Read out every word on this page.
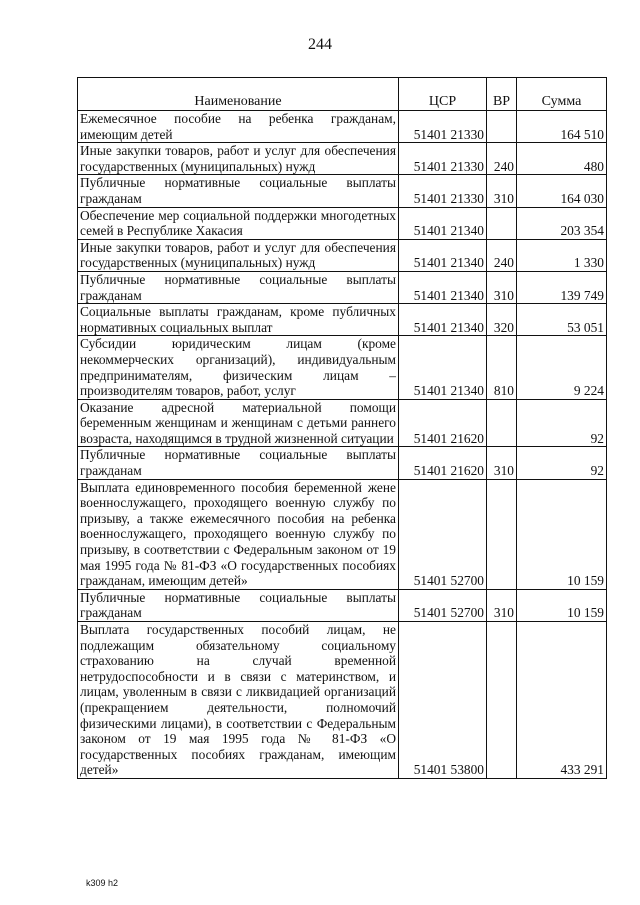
244
Наименование	ЦСР	ВР	Сумма
Ежемесячное пособие на ребенка гражданам, имеющим детей	51401 21330		164 510
Иные закупки товаров, работ и услуг для обеспечения государственных (муниципальных) нужд	51401 21330	240	480
Публичные нормативные социальные выплаты гражданам	51401 21330	310	164 030
Обеспечение мер социальной поддержки многодетных семей в Республике Хакасия	51401 21340		203 354
Иные закупки товаров, работ и услуг для обеспечения государственных (муниципальных) нужд	51401 21340	240	1 330
Публичные нормативные социальные выплаты гражданам	51401 21340	310	139 749
Социальные выплаты гражданам, кроме публичных нормативных социальных выплат	51401 21340	320	53 051
Субсидии юридическим лицам (кроме некоммерческих организаций), индивидуальным предпринимателям, физическим лицам – производителям товаров, работ, услуг	51401 21340	810	9 224
Оказание адресной материальной помощи беременным женщинам и женщинам с детьми раннего возраста, находящимся в трудной жизненной ситуации	51401 21620		92
Публичные нормативные социальные выплаты гражданам	51401 21620	310	92
Выплата единовременного пособия беременной жене военнослужащего, проходящего военную службу по призыву, а также ежемесячного пособия на ребенка военнослужащего, проходящего военную службу по призыву, в соответствии с Федеральным законом от 19 мая 1995 года № 81-ФЗ «О государственных пособиях гражданам, имеющим детей»	51401 52700		10 159
Публичные нормативные социальные выплаты гражданам	51401 52700	310	10 159
Выплата государственных пособий лицам, не подлежащим обязательному социальному страхованию на случай временной нетрудоспособности и в связи с материнством, и лицам, уволенным в связи с ликвидацией организаций (прекращением деятельности, полномочий физическими лицами), в соответствии с Федеральным законом от 19 мая 1995 года № 81-ФЗ «О государственных пособиях гражданам, имеющим детей»	51401 53800		433 291
k309 h2
